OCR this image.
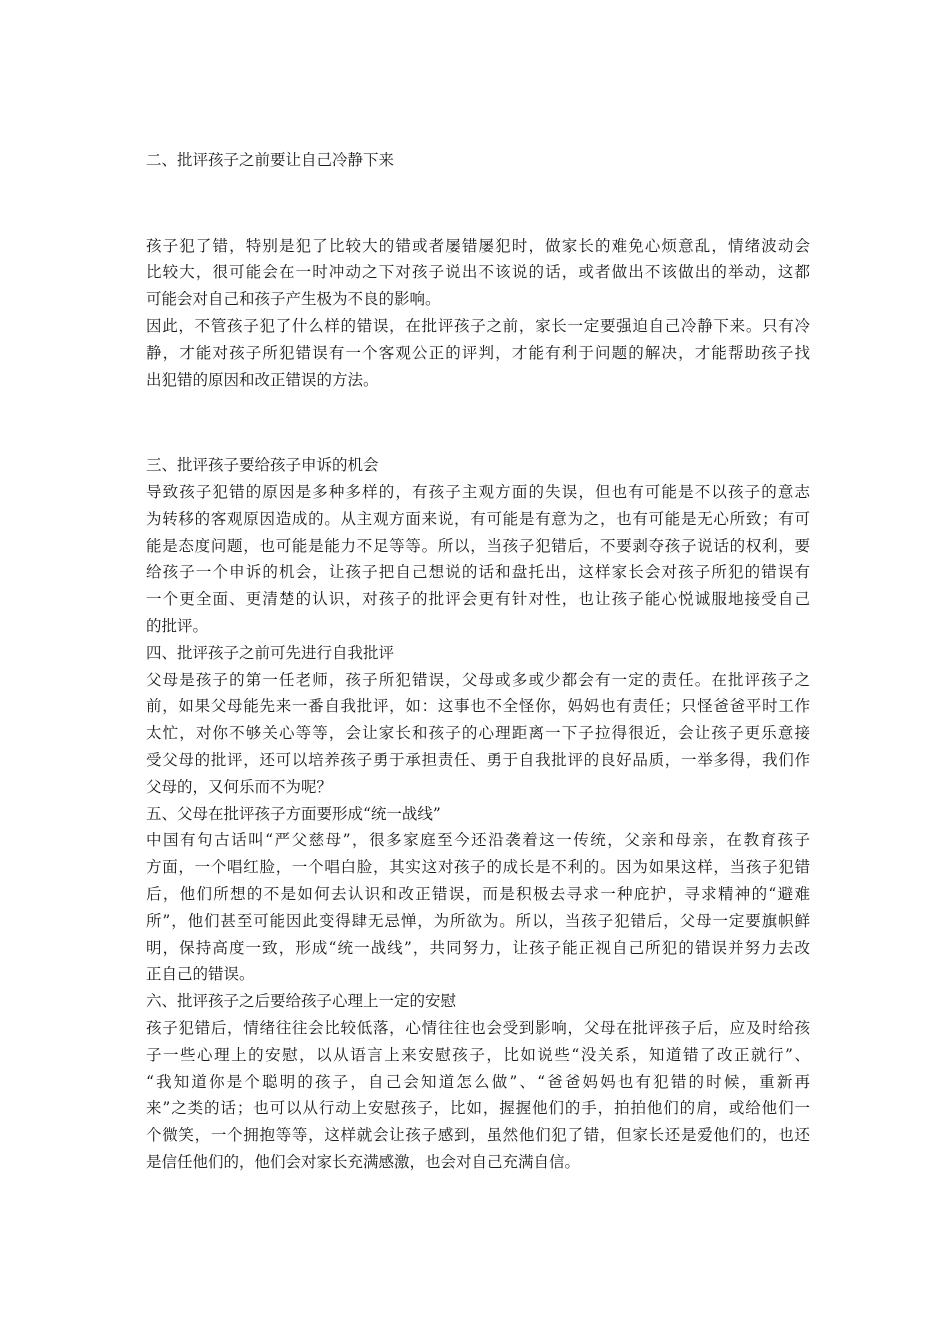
二、批评孩子之前要让自己冷静下来

孩子犯了错，特别是犯了比较大的错或者屡错屡犯时，做家长的难免心烦意乱，情绪波动会

比较大，很可能会在一时冲动之下对孩子说出不该说的话，或者做出不该做出的举动，这都

可能会对自己和孩子产生极为不良的影响。

因此，不管孩子犯了什么样的错误，在批评孩子之前，家长一定要强迫自己冷静下来。只有冷

静，才能对孩子所犯错误有一个客观公正的评判，才能有利于问题的解决，才能帮助孩子找

出犯错的原因和改正错误的方法。

三、批评孩子要给孩子申诉的机会

导致孩子犯错的原因是多种多样的，有孩子主观方面的失误，但也有可能是不以孩子的意志

为转移的客观原因造成的。从主观方面来说，有可能是有意为之，也有可能是无心所致；有可

能是态度问题，也可能是能力不足等等。所以，当孩子犯错后，不要剥夺孩子说话的权利，要

给孩子一个申诉的机会，让孩子把自己想说的话和盘托出，这样家长会对孩子所犯的错误有

一个更全面、更清楚的认识，对孩子的批评会更有针对性，也让孩子能心悦诚服地接受自己

的批评。

四、批评孩子之前可先进行自我批评

父母是孩子的第一任老师，孩子所犯错误，父母或多或少都会有一定的责任。在批评孩子之

前，如果父母能先来一番自我批评，如：这事也不全怪你，妈妈也有责任；只怪爸爸平时工作

太忙，对你不够关心等等，会让家长和孩子的心理距离一下子拉得很近，会让孩子更乐意接

受父母的批评，还可以培养孩子勇于承担责任、勇于自我批评的良好品质，一举多得，我们作

父母的，又何乐而不为呢？

五、父母在批评孩子方面要形成“统一战线”

中国有句古话叫“严父慈母”，很多家庭至今还沿袭着这一传统，父亲和母亲，在教育孩子

方面，一个唱红脸，一个唱白脸，其实这对孩子的成长是不利的。因为如果这样，当孩子犯错

后，他们所想的不是如何去认识和改正错误，而是积极去寻求一种庇护，寻求精神的“避难

所”，他们甚至可能因此变得肆无忌惮，为所欲为。所以，当孩子犯错后，父母一定要旗帜鲜

明，保持高度一致，形成“统一战线”，共同努力，让孩子能正视自己所犯的错误并努力去改

正自己的错误。

六、批评孩子之后要给孩子心理上一定的安慰

孩子犯错后，情绪往往会比较低落，心情往往也会受到影响，父母在批评孩子后，应及时给孩

子一些心理上的安慰，以从语言上来安慰孩子，比如说些“没关系，知道错了改正就行”、

“我知道你是个聪明的孩子，自己会知道怎么做”、“爸爸妈妈也有犯错的时候，重新再

来”之类的话；也可以从行动上安慰孩子，比如，握握他们的手，拍拍他们的肩，或给他们一

个微笑，一个拥抱等等，这样就会让孩子感到，虽然他们犯了错，但家长还是爱他们的，也还

是信任他们的，他们会对家长充满感激，也会对自己充满自信。
